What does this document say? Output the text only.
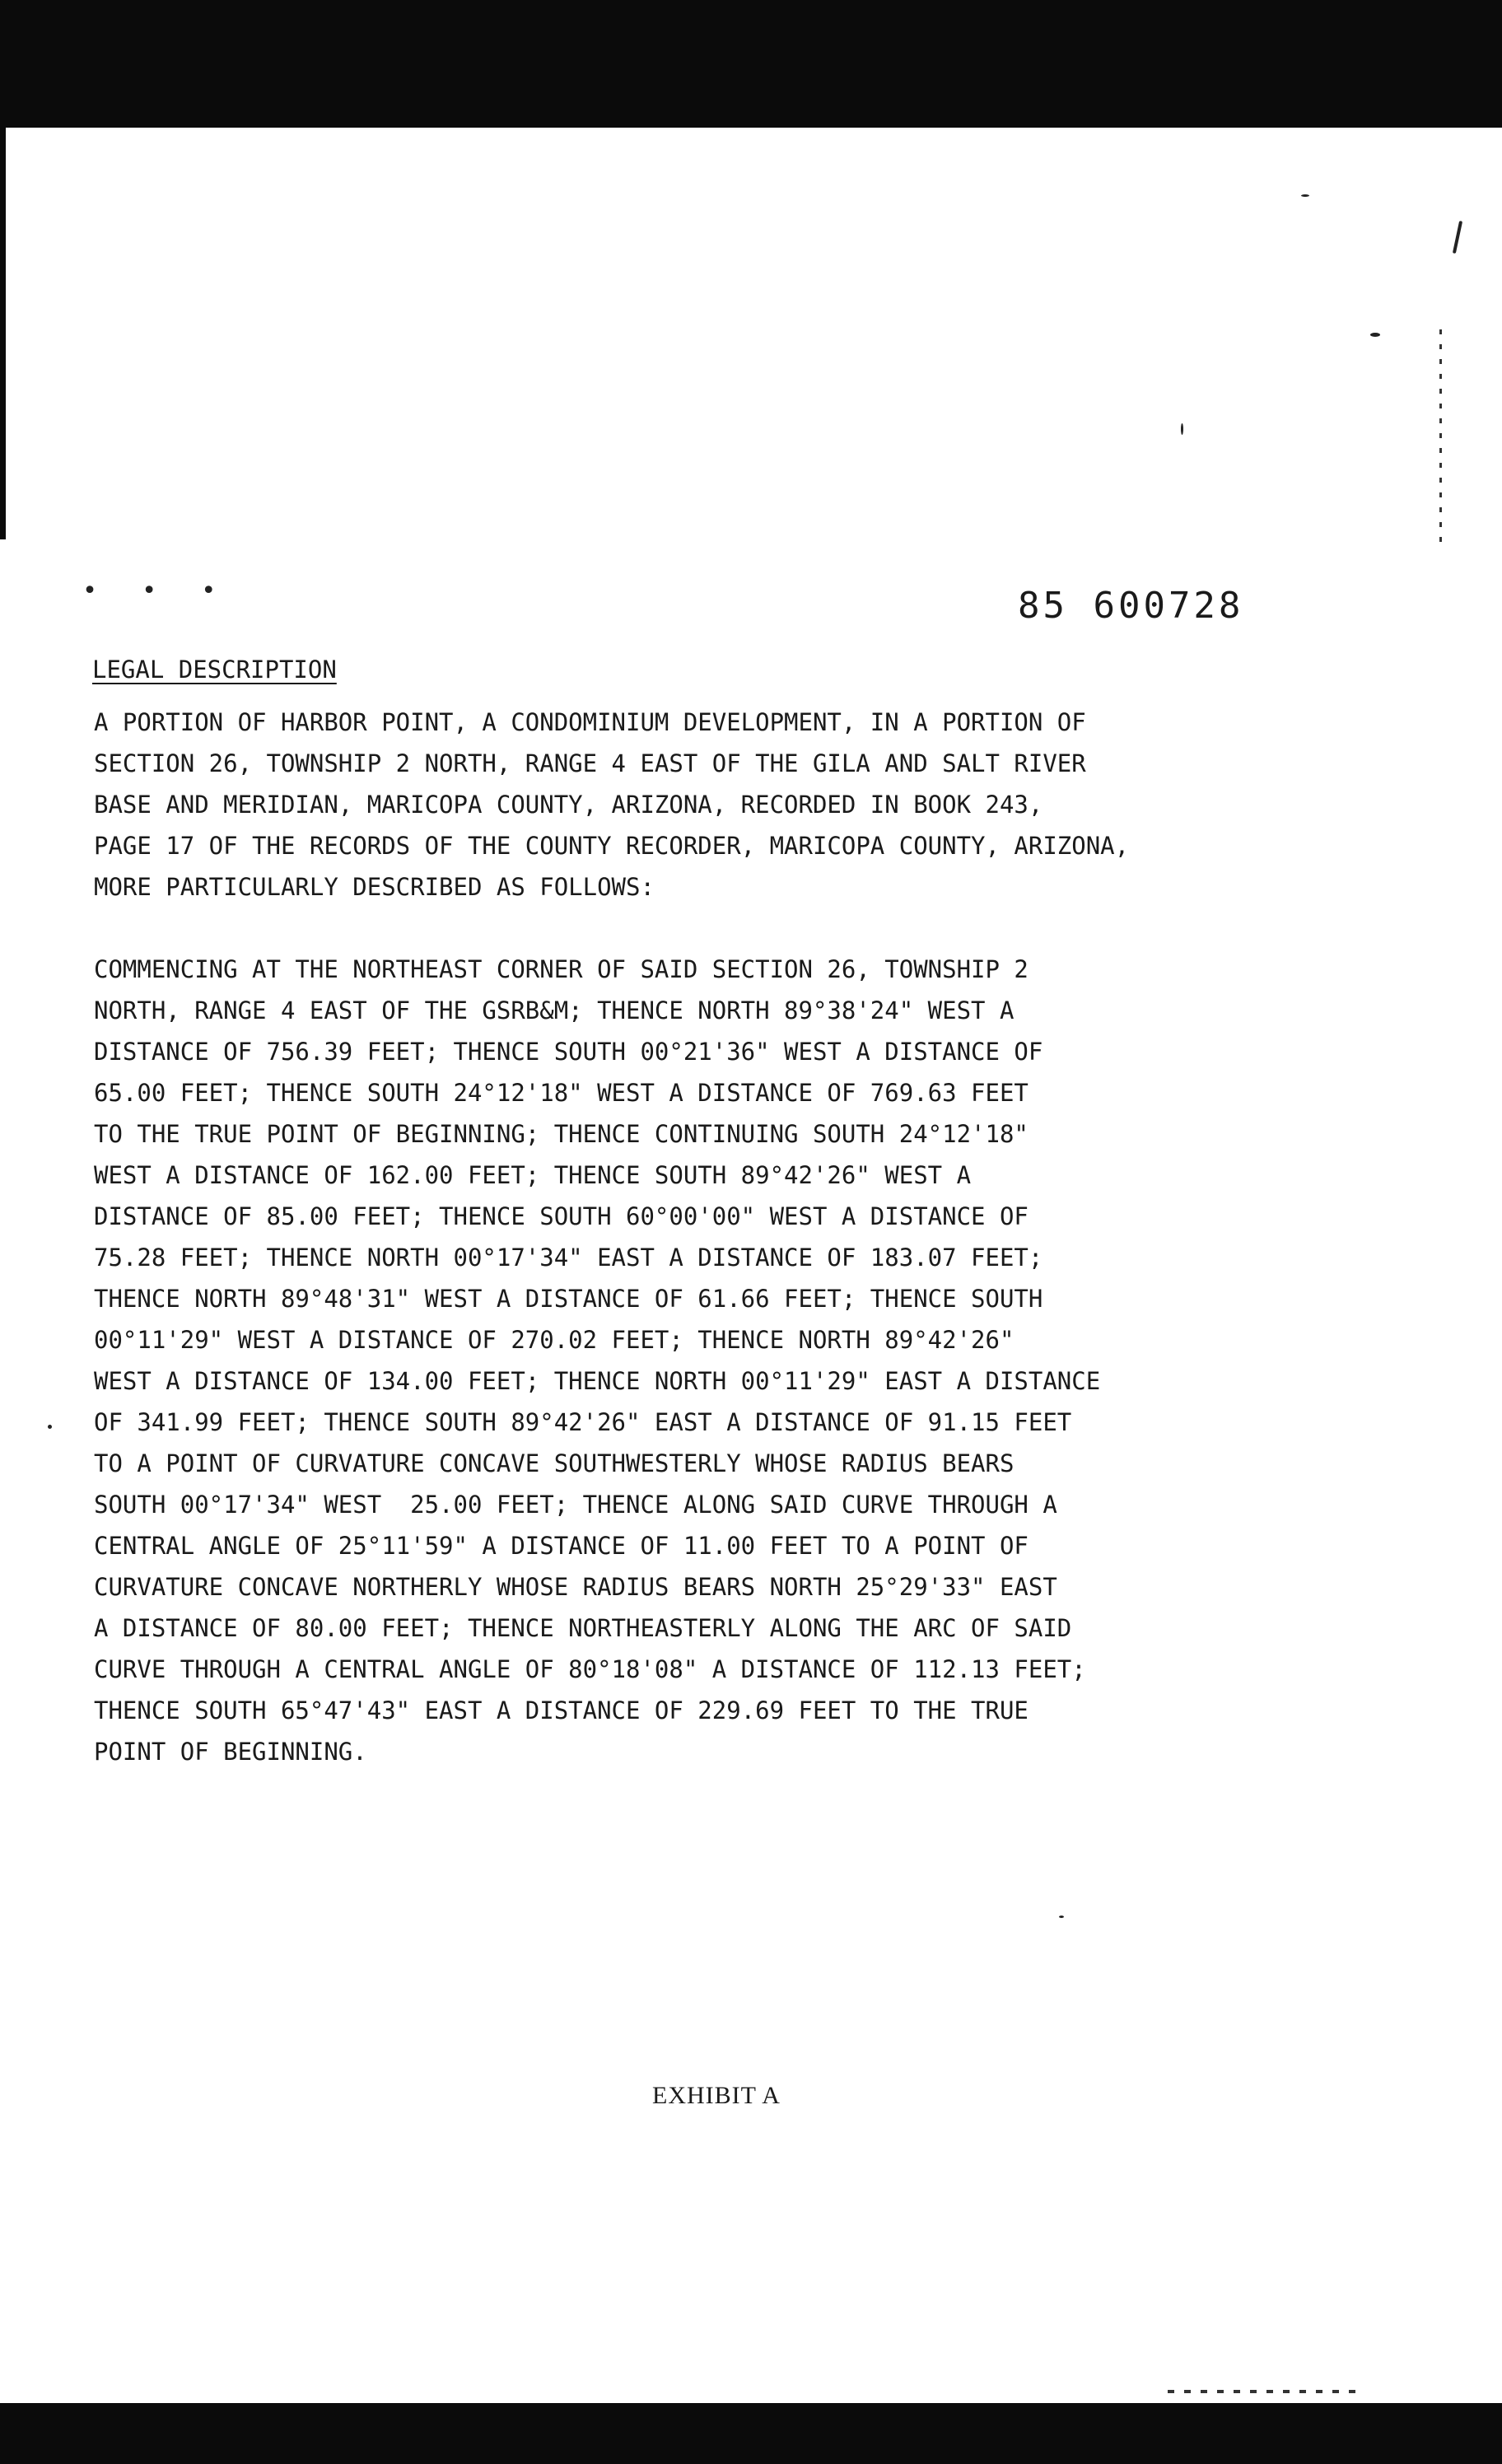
• • •	85 600728
LEGAL DESCRIPTION
A PORTION OF HARBOR POINT, A CONDOMINIUM DEVELOPMENT, IN A PORTION OF
SECTION 26, TOWNSHIP 2 NORTH, RANGE 4 EAST OF THE GILA AND SALT RIVER
BASE AND MERIDIAN, MARICOPA COUNTY, ARIZONA, RECORDED IN BOOK 243,
PAGE 17 OF THE RECORDS OF THE COUNTY RECORDER, MARICOPA COUNTY, ARIZONA,
MORE PARTICULARLY DESCRIBED AS FOLLOWS:
COMMENCING AT THE NORTHEAST CORNER OF SAID SECTION 26, TOWNSHIP 2
NORTH, RANGE 4 EAST OF THE GSRB&M; THENCE NORTH 89°38'24" WEST A
DISTANCE OF 756.39 FEET; THENCE SOUTH 00°21'36" WEST A DISTANCE OF
65.00 FEET; THENCE SOUTH 24°12'18" WEST A DISTANCE OF 769.63 FEET
TO THE TRUE POINT OF BEGINNING; THENCE CONTINUING SOUTH 24°12'18"
WEST A DISTANCE OF 162.00 FEET; THENCE SOUTH 89°42'26" WEST A
DISTANCE OF 85.00 FEET; THENCE SOUTH 60°00'00" WEST A DISTANCE OF
75.28 FEET; THENCE NORTH 00°17'34" EAST A DISTANCE OF 183.07 FEET;
THENCE NORTH 89°48'31" WEST A DISTANCE OF 61.66 FEET; THENCE SOUTH
00°11'29" WEST A DISTANCE OF 270.02 FEET; THENCE NORTH 89°42'26"
WEST A DISTANCE OF 134.00 FEET; THENCE NORTH 00°11'29" EAST A DISTANCE
OF 341.99 FEET; THENCE SOUTH 89°42'26" EAST A DISTANCE OF 91.15 FEET
TO A POINT OF CURVATURE CONCAVE SOUTHWESTERLY WHOSE RADIUS BEARS
SOUTH 00°17'34" WEST  25.00 FEET; THENCE ALONG SAID CURVE THROUGH A
CENTRAL ANGLE OF 25°11'59" A DISTANCE OF 11.00 FEET TO A POINT OF
CURVATURE CONCAVE NORTHERLY WHOSE RADIUS BEARS NORTH 25°29'33" EAST
A DISTANCE OF 80.00 FEET; THENCE NORTHEASTERLY ALONG THE ARC OF SAID
CURVE THROUGH A CENTRAL ANGLE OF 80°18'08" A DISTANCE OF 112.13 FEET;
THENCE SOUTH 65°47'43" EAST A DISTANCE OF 229.69 FEET TO THE TRUE
POINT OF BEGINNING.
EXHIBIT A
